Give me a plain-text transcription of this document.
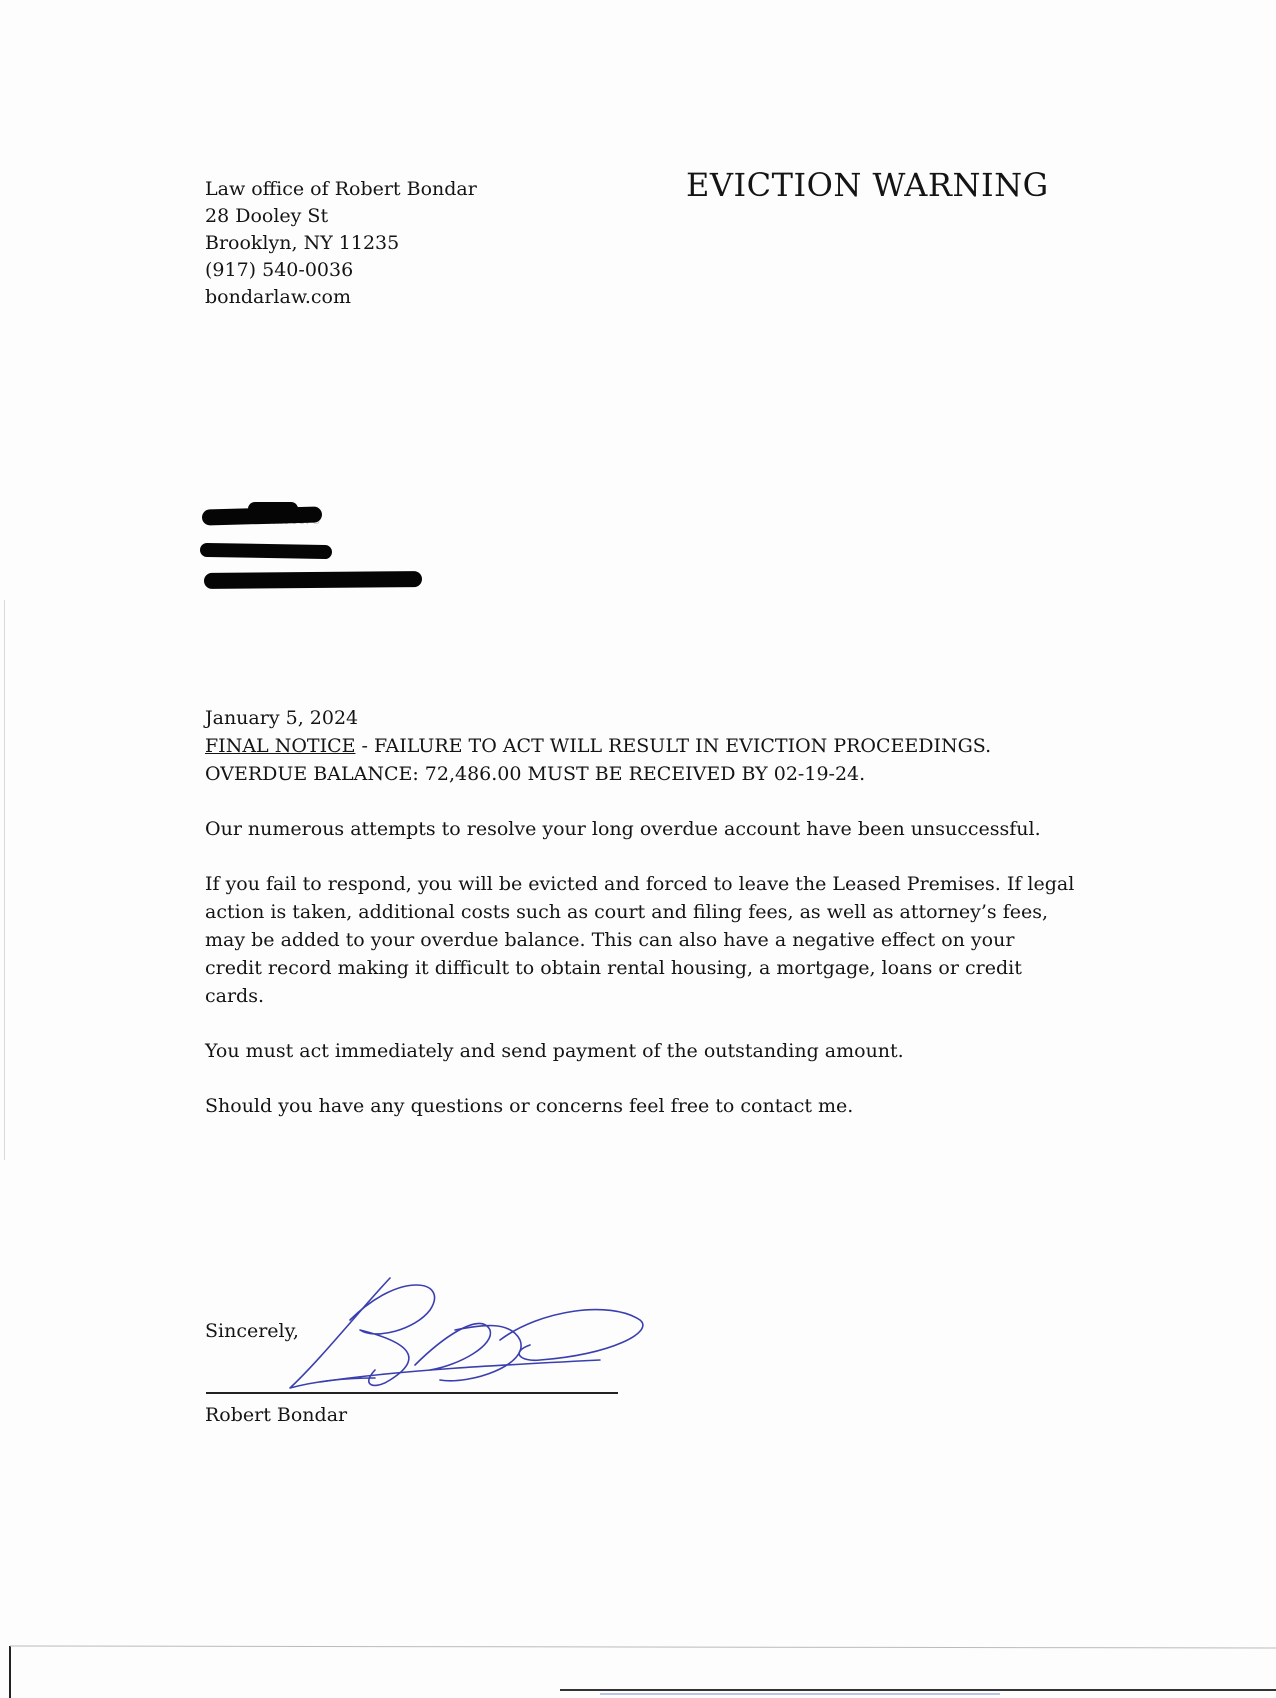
Law office of Robert Bondar
28 Dooley St
Brooklyn, NY 11235
(917) 540-0036
bondarlaw.com
EVICTION WARNING
January 5, 2024

FINAL NOTICE - FAILURE TO ACT WILL RESULT IN EVICTION PROCEEDINGS. OVERDUE BALANCE: 72,486.00 MUST BE RECEIVED BY 02-19-24.

Our numerous attempts to resolve your long overdue account have been unsuccessful.

If you fail to respond, you will be evicted and forced to leave the Leased Premises. If legal action is taken, additional costs such as court and filing fees, as well as attorney’s fees, may be added to your overdue balance. This can also have a negative effect on your credit record making it difficult to obtain rental housing, a mortgage, loans or credit cards.

You must act immediately and send payment of the outstanding amount.

Should you have any questions or concerns feel free to contact me.

Sincerely,
Robert Bondar
